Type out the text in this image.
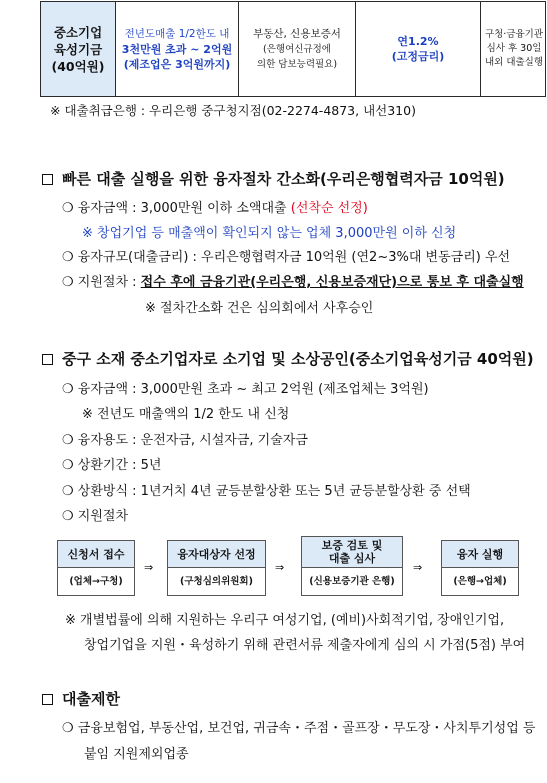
중소기업
육성기금
(40억원)
전년도매출 1/2한도 내
3천만원 초과 ~ 2억원
(제조업은 3억원까지)
부동산, 신용보증서
(은행여신규정에
의한 담보능력필요)
연1.2%
(고정금리)
구청·금융기관
심사 후 30일
내외 대출실행
※ 대출취급은행 : 우리은행 중구청지점(02-2274-4873, 내선310)
빠른 대출 실행을 위한 융자절차 간소화(우리은행협력자금 10억원)
❍ 융자금액 : 3,000만원 이하 소액대출 (선착순 선정)
※ 창업기업 등 매출액이 확인되지 않는 업체 3,000만원 이하 신청
❍ 융자규모(대출금리) : 우리은행협력자금 10억원 (연2~3%대 변동금리) 우선
❍ 지원절차 : 접수 후에 금융기관(우리은행, 신용보증재단)으로 통보 후 대출실행
※ 절차간소화 건은 심의회에서 사후승인
중구 소재 중소기업자로 소기업 및 소상공인(중소기업육성기금 40억원)
❍ 융자금액 : 3,000만원 초과 ~ 최고 2억원 (제조업체는 3억원)
※ 전년도 매출액의 1/2 한도 내 신청
❍ 융자용도 : 운전자금, 시설자금, 기술자금
❍ 상환기간 : 5년
❍ 상환방식 : 1년거치 4년 균등분할상환 또는 5년 균등분할상환 중 선택
❍ 지원절차
신청서 접수
(업체→구청)
⇒
융자대상자 선정
(구청심의위원회)
⇒
보증 검토 및
대출 심사
(신용보증기관 은행)
⇒
융자 실행
(은행→업체)
※ 개별법률에 의해 지원하는 우리구 여성기업, (예비)사회적기업, 장애인기업,
창업기업을 지원・육성하기 위해 관련서류 제출자에게 심의 시 가점(5점) 부여
대출제한
❍ 금융보험업, 부동산업, 보건업, 귀금속・주점・골프장・무도장・사치투기성업 등
붙임 지원제외업종
